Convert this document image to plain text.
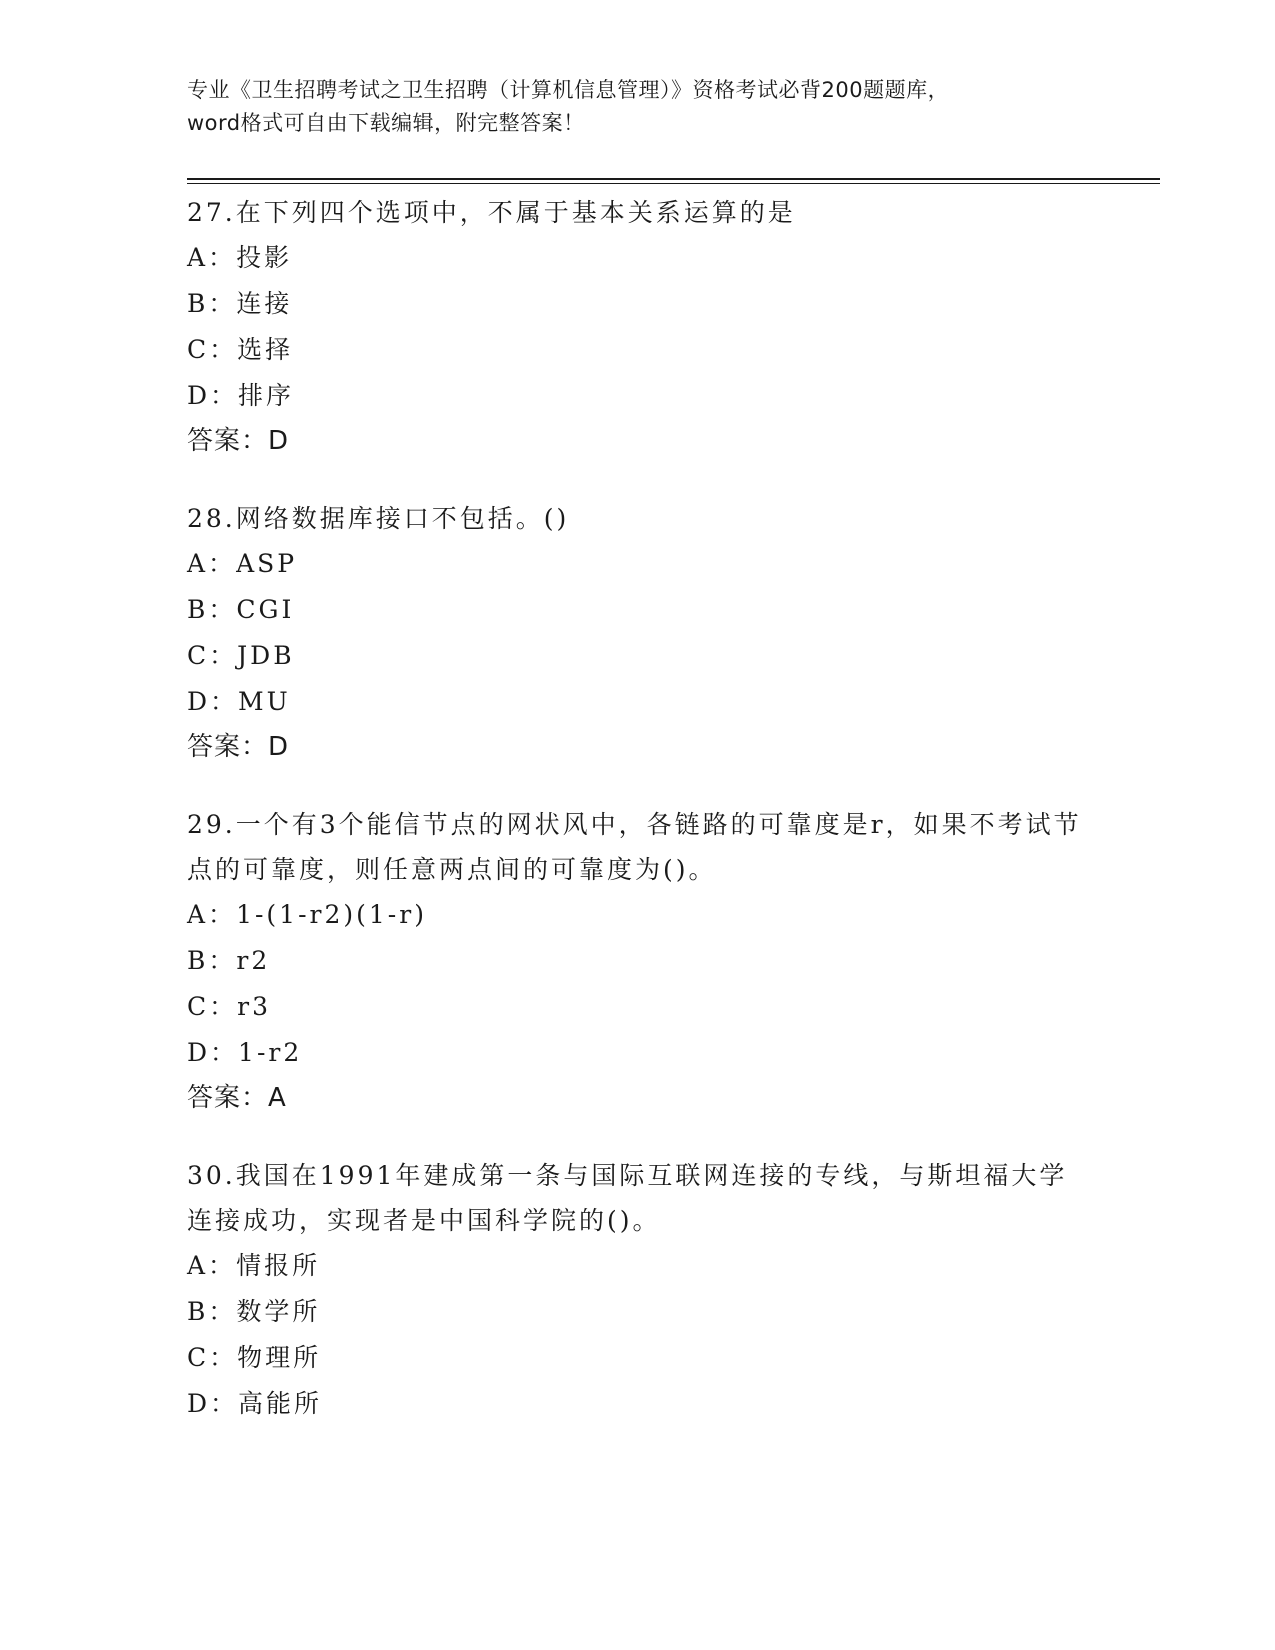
专业《卫生招聘考试之卫生招聘（计算机信息管理）》资格考试必背200题题库，
word格式可自由下载编辑，附完整答案！
27.在下列四个选项中，不属于基本关系运算的是
A：投影
B：连接
C：选择
D：排序
答案：D
28.网络数据库接口不包括。()
A：ASP
B：CGI
C：JDB
D：MU
答案：D
29.一个有3个能信节点的网状风中，各链路的可靠度是r，如果不考试节点的可靠度，则任意两点间的可靠度为()。
A：1-(1-r2)(1-r)
B：r2
C：r3
D：1-r2
答案：A
30.我国在1991年建成第一条与国际互联网连接的专线，与斯坦福大学连接成功，实现者是中国科学院的()。
A：情报所
B：数学所
C：物理所
D：高能所
